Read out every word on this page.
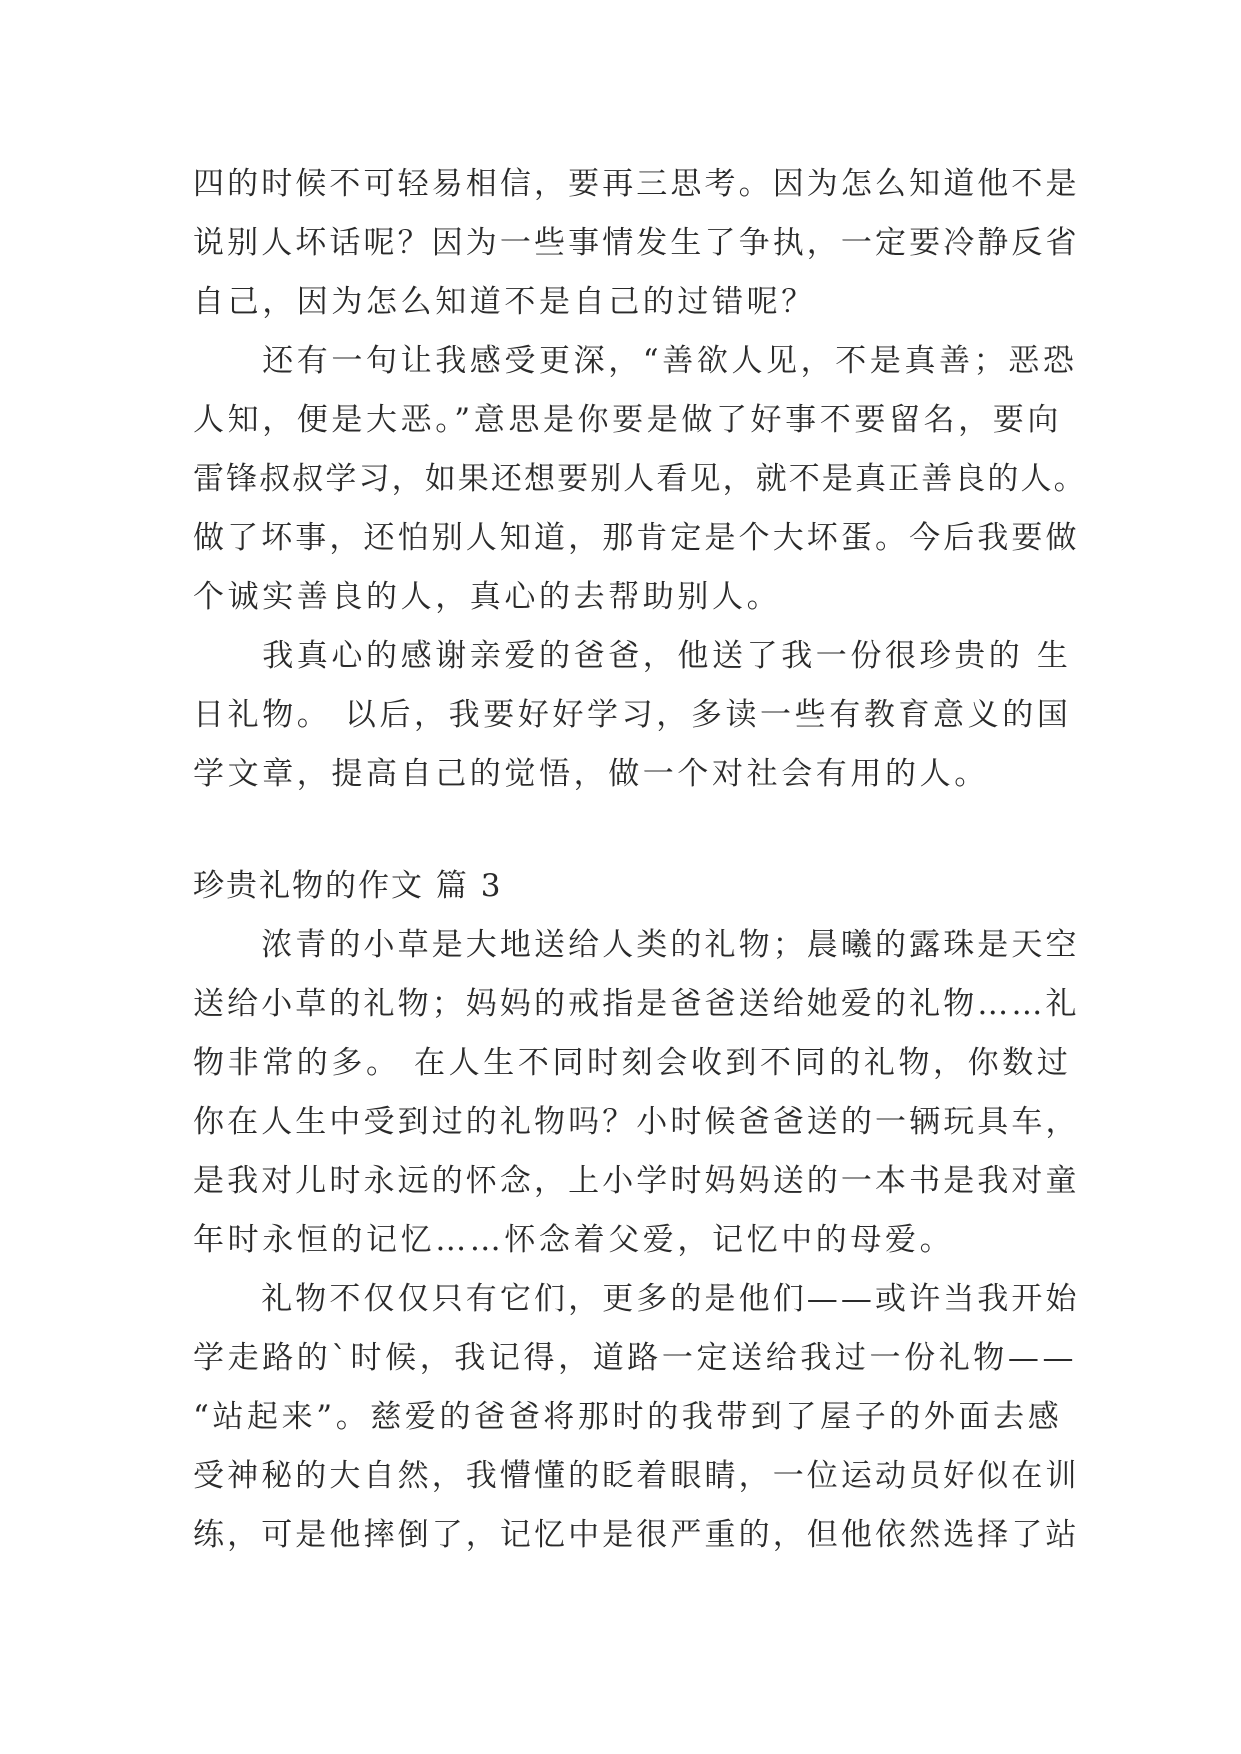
四的时候不可轻易相信，要再三思考。因为怎么知道他不是
说别人坏话呢？因为一些事情发生了争执，一定要冷静反省
自己，因为怎么知道不是自己的过错呢？
　　还有一句让我感受更深，“善欲人见，不是真善；恶恐
人知，便是大恶。”意思是你要是做了好事不要留名，要向
雷锋叔叔学习，如果还想要别人看见，就不是真正善良的人。
做了坏事，还怕别人知道，那肯定是个大坏蛋。今后我要做
个诚实善良的人，真心的去帮助别人。
　　我真心的感谢亲爱的爸爸，他送了我一份很珍贵的 生
日礼物。 以后，我要好好学习，多读一些有教育意义的国
学文章，提高自己的觉悟，做一个对社会有用的人。
珍贵礼物的作文 篇 3
　　浓青的小草是大地送给人类的礼物；晨曦的露珠是天空
送给小草的礼物；妈妈的戒指是爸爸送给她爱的礼物……礼
物非常的多。 在人生不同时刻会收到不同的礼物，你数过
你在人生中受到过的礼物吗？小时候爸爸送的一辆玩具车，
是我对儿时永远的怀念，上小学时妈妈送的一本书是我对童
年时永恒的记忆……怀念着父爱，记忆中的母爱。
　　礼物不仅仅只有它们，更多的是他们——或许当我开始
学走路的`时候，我记得，道路一定送给我过一份礼物——
“站起来”。慈爱的爸爸将那时的我带到了屋子的外面去感
受神秘的大自然，我懵懂的眨着眼睛，一位运动员好似在训
练，可是他摔倒了，记忆中是很严重的，但他依然选择了站
